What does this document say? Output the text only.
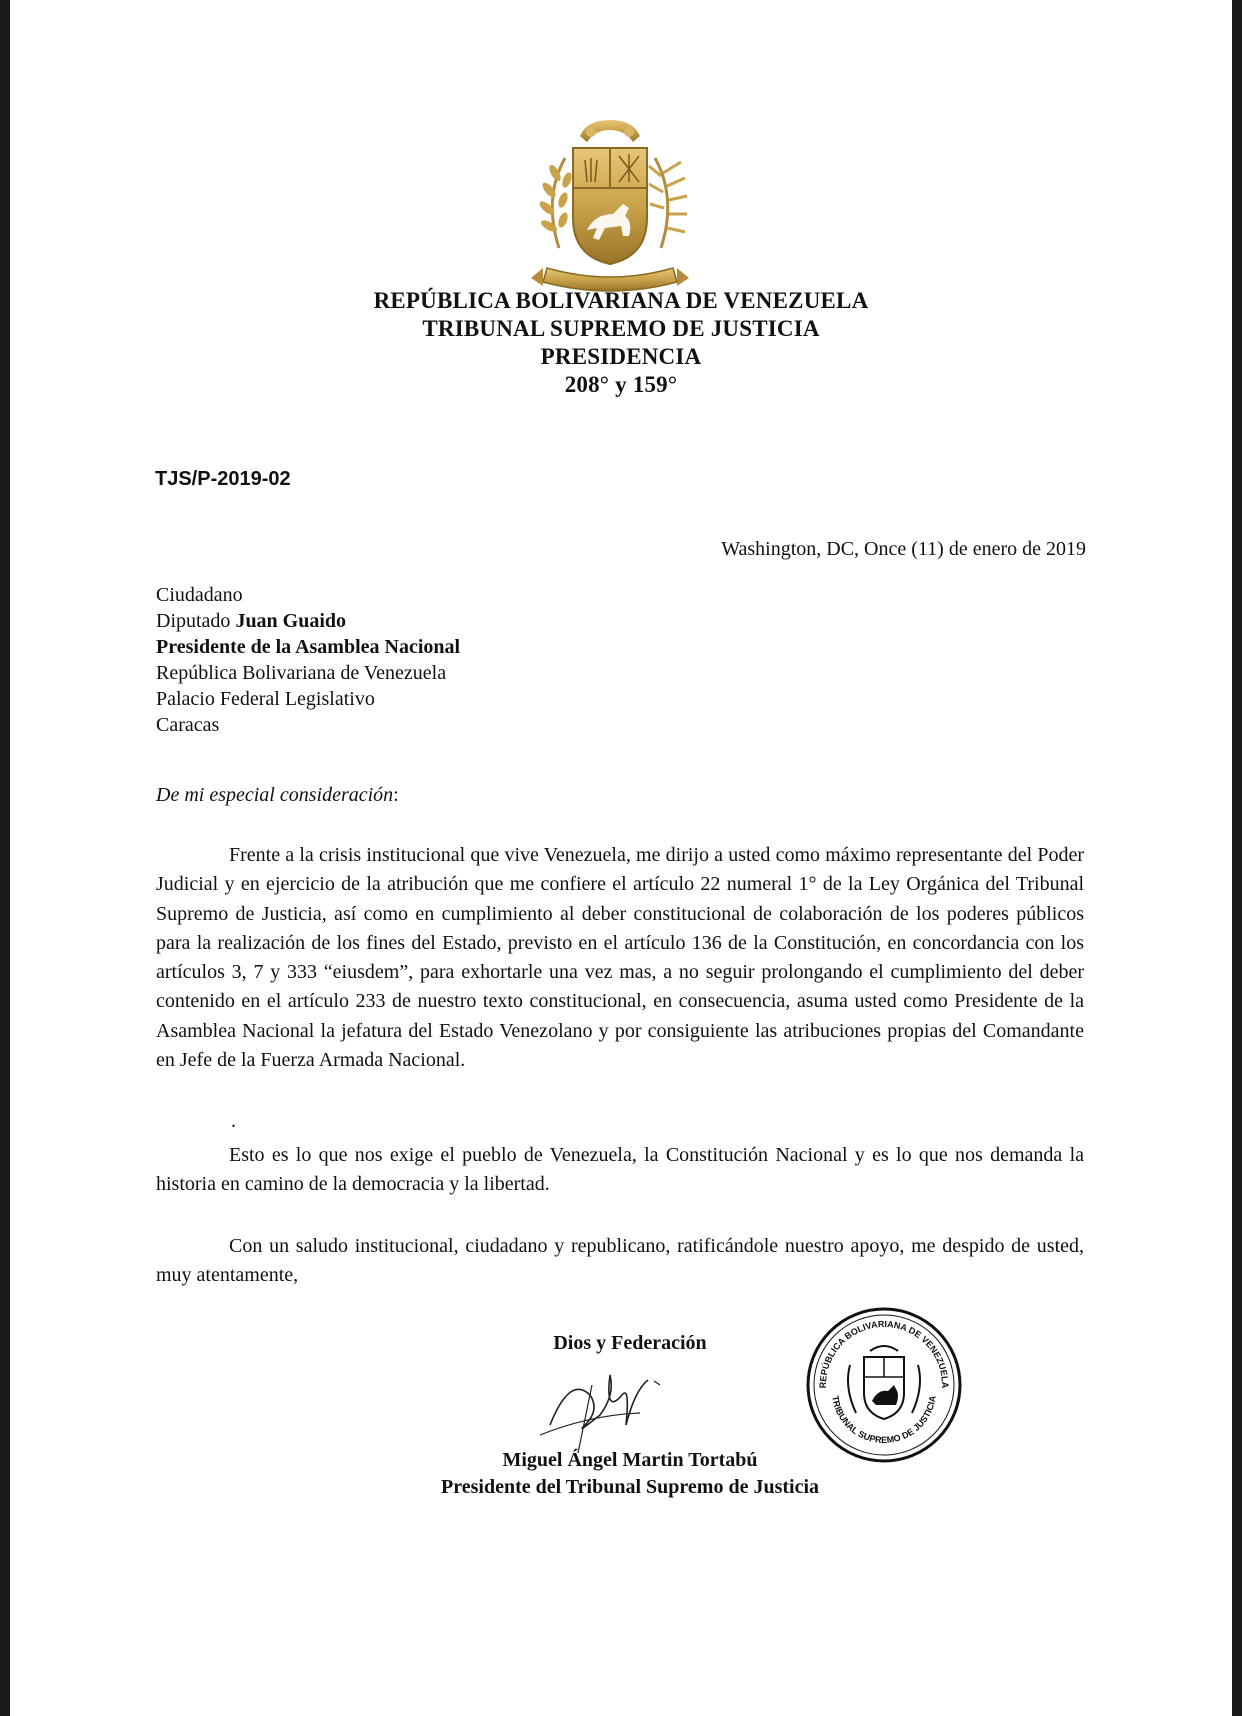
REPÚBLICA BOLIVARIANA DE VENEZUELA
TRIBUNAL SUPREMO DE JUSTICIA
PRESIDENCIA
208° y 159°
TJS/P-2019-02
Washington, DC, Once (11) de enero de 2019
Ciudadano
Diputado Juan Guaido
Presidente de la Asamblea Nacional
República Bolivariana de Venezuela
Palacio Federal Legislativo
Caracas
De mi especial consideración:
Frente a la crisis institucional que vive Venezuela, me dirijo a usted como máximo representante del Poder Judicial y en ejercicio de la atribución que me confiere el artículo 22 numeral 1° de la Ley Orgánica del Tribunal Supremo de Justicia, así como en cumplimiento al deber constitucional de colaboración de los poderes públicos para la realización de los fines del Estado, previsto en el artículo 136 de la Constitución, en concordancia con los artículos 3, 7 y 333 “eiusdem”, para exhortarle una vez mas, a no seguir prolongando el cumplimiento del deber contenido en el artículo 233 de nuestro texto constitucional, en consecuencia, asuma usted como Presidente de la Asamblea Nacional la jefatura del Estado Venezolano y por consiguiente las atribuciones propias del Comandante en Jefe de la Fuerza Armada Nacional.
.
Esto es lo que nos exige el pueblo de Venezuela, la Constitución Nacional y es lo que nos demanda la historia en camino de la democracia y la libertad.
Con un saludo institucional, ciudadano y republicano, ratificándole nuestro apoyo, me despido de usted, muy atentamente,
Dios y Federación
Miguel Ángel Martin Tortabú
Presidente del Tribunal Supremo de Justicia
REPÚBLICA BOLIVARIANA DE VENEZUELA
TRIBUNAL SUPREMO DE JUSTICIA
